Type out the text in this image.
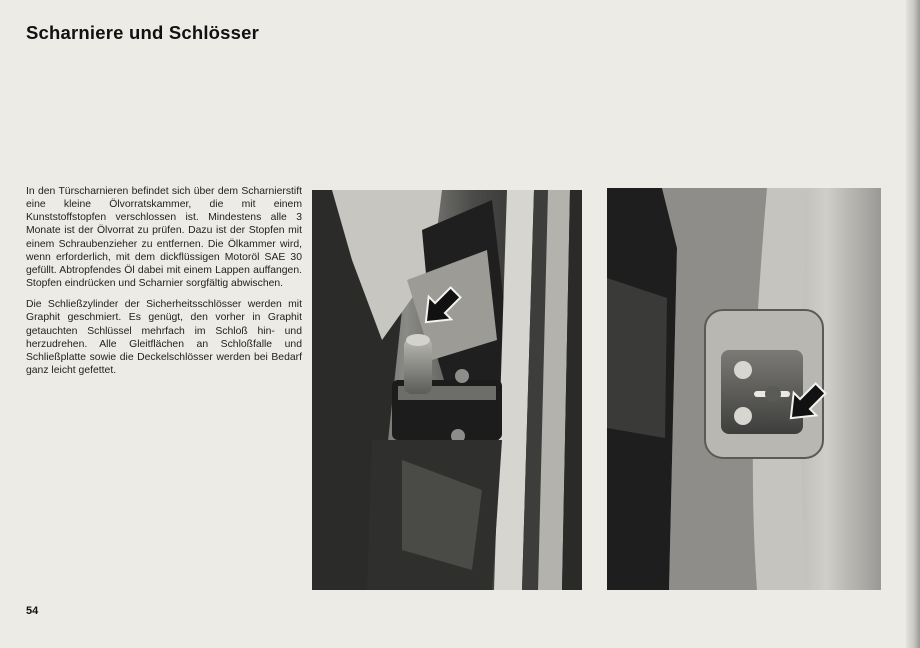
Scharniere und Schlösser

In den Türscharnieren befindet sich über dem Scharnierstift eine kleine Ölvorratskammer, die mit einem Kunststoffstopfen verschlossen ist. Mindestens alle 3 Monate ist der Ölvorrat zu prüfen. Dazu ist der Stopfen mit einem Schraubenzieher zu entfernen. Die Ölkammer wird, wenn erforderlich, mit dem dickflüssigen Motoröl SAE 30 gefüllt. Abtropfendes Öl dabei mit einem Lappen auffangen. Stopfen eindrücken und Scharnier sorgfältig abwischen.

Die Schließzylinder der Sicherheitsschlösser werden mit Graphit geschmiert. Es genügt, den vorher in Graphit getauchten Schlüssel mehrfach im Schloß hin- und herzudrehen. Alle Gleitflächen an Schloßfalle und Schließplatte sowie die Deckelschlösser werden bei Bedarf ganz leicht gefettet.

54
